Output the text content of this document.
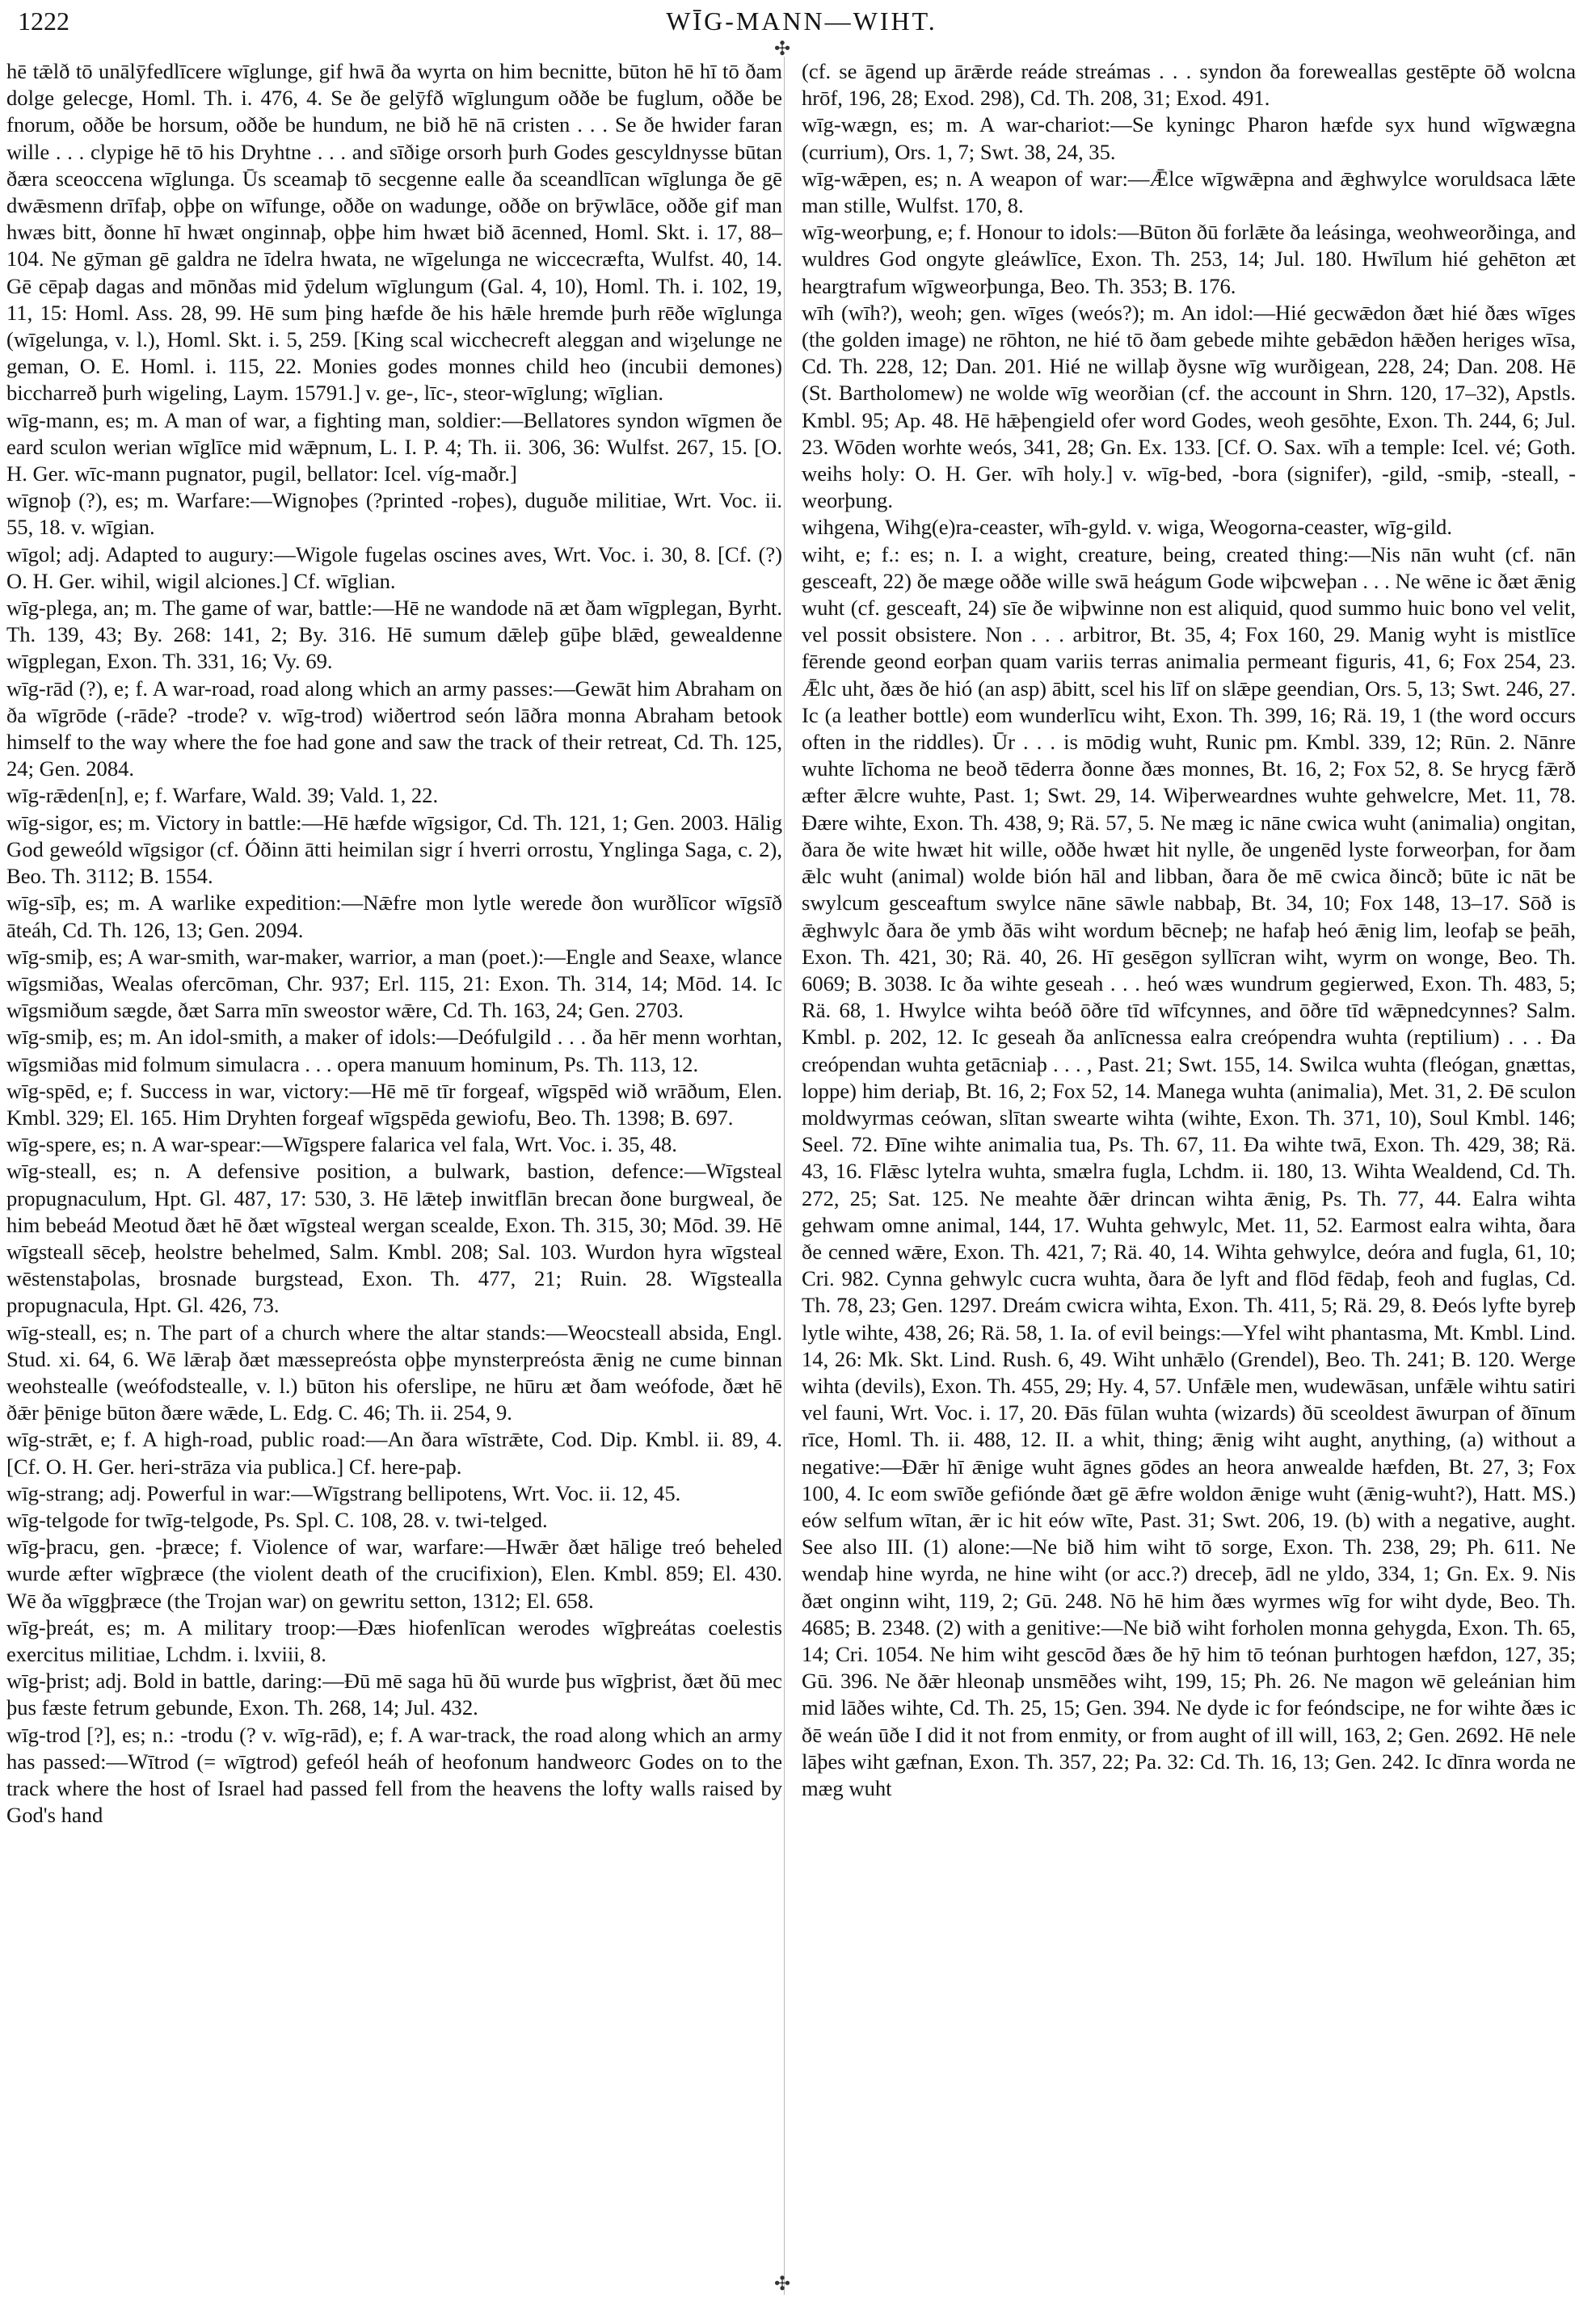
1222	WĪG-MANN—WIHT.
✣
✣

hē tǣlð tō unālȳfedlīcere wīglunge, gif hwā ða wyrta on him becnitte, būton hē hī tō ðam dolge gelecge, Homl. Th. i. 476, 4. Se ðe gelȳfð wīglungum oððe be fuglum, oððe be fnorum, oððe be horsum, oððe be hundum, ne bið hē nā cristen . . . Se ðe hwider faran wille . . . clypige hē tō his Dryhtne . . . and sīðige orsorh þurh Godes gescyldnysse būtan ðæra sceoccena wīglunga. Ūs sceamaþ tō secgenne ealle ða sceandlīcan wīglunga ðe gē dwǣsmenn drīfaþ, oþþe on wīfunge, oððe on wadunge, oððe on brȳwlāce, oððe gif man hwæs bitt, ðonne hī hwæt onginnaþ, oþþe him hwæt bið ācenned, Homl. Skt. i. 17, 88–104. Ne gȳman gē galdra ne īdelra hwata, ne wīgelunga ne wiccecræfta, Wulfst. 40, 14. Gē cēpaþ dagas and mōnðas mid ȳdelum wīglungum (Gal. 4, 10), Homl. Th. i. 102, 19, 11, 15: Homl. Ass. 28, 99. Hē sum þing hæfde ðe his hǣle hremde þurh rēðe wīglunga (wīgelunga, v. l.), Homl. Skt. i. 5, 259. [King scal wicchecreft aleggan and wiȝelunge ne geman, O. E. Homl. i. 115, 22. Monies godes monnes child heo (incubii demones) biccharreð þurh wigeling, Laym. 15791.] v. ge-, līc-, steor-wīglung; wīglian.

wīg-mann, es; m. A man of war, a fighting man, soldier:—Bellatores syndon wīgmen ðe eard sculon werian wīglīce mid wǣpnum, L. I. P. 4; Th. ii. 306, 36: Wulfst. 267, 15. [O. H. Ger. wīc-mann pugnator, pugil, bellator: Icel. víg-maðr.]

wīgnoþ (?), es; m. Warfare:—Wignoþes (?printed -roþes), duguðe militiae, Wrt. Voc. ii. 55, 18. v. wīgian.

wīgol; adj. Adapted to augury:—Wigole fugelas oscines aves, Wrt. Voc. i. 30, 8. [Cf. (?) O. H. Ger. wihil, wigil alciones.] Cf. wīglian.

wīg-plega, an; m. The game of war, battle:—Hē ne wandode nā æt ðam wīgplegan, Byrht. Th. 139, 43; By. 268: 141, 2; By. 316. Hē sumum dǣleþ gūþe blǣd, gewealdenne wīgplegan, Exon. Th. 331, 16; Vy. 69.

wīg-rād (?), e; f. A war-road, road along which an army passes:—Gewāt him Abraham on ða wīgrōde (-rāde? -trode? v. wīg-trod) wiðertrod seón lāðra monna Abraham betook himself to the way where the foe had gone and saw the track of their retreat, Cd. Th. 125, 24; Gen. 2084.

wīg-rǣden[n], e; f. Warfare, Wald. 39; Vald. 1, 22.

wīg-sigor, es; m. Victory in battle:—Hē hæfde wīgsigor, Cd. Th. 121, 1; Gen. 2003. Hālig God geweóld wīgsigor (cf. Óðinn ātti heimilan sigr í hverri orrostu, Ynglinga Saga, c. 2), Beo. Th. 3112; B. 1554.

wīg-sīþ, es; m. A warlike expedition:—Nǣfre mon lytle werede ðon wurðlīcor wīgsīð āteáh, Cd. Th. 126, 13; Gen. 2094.

wīg-smiþ, es; A war-smith, war-maker, warrior, a man (poet.):—Engle and Seaxe, wlance wīgsmiðas, Wealas ofercōman, Chr. 937; Erl. 115, 21: Exon. Th. 314, 14; Mōd. 14. Ic wīgsmiðum sægde, ðæt Sarra mīn sweostor wǣre, Cd. Th. 163, 24; Gen. 2703.

wīg-smiþ, es; m. An idol-smith, a maker of idols:—Deófulgild . . . ða hēr menn worhtan, wīgsmiðas mid folmum simulacra . . . opera manuum hominum, Ps. Th. 113, 12.

wīg-spēd, e; f. Success in war, victory:—Hē mē tīr forgeaf, wīgspēd wið wrāðum, Elen. Kmbl. 329; El. 165. Him Dryhten forgeaf wīgspēda gewiofu, Beo. Th. 1398; B. 697.

wīg-spere, es; n. A war-spear:—Wīgspere falarica vel fala, Wrt. Voc. i. 35, 48.

wīg-steall, es; n. A defensive position, a bulwark, bastion, defence:—Wīgsteal propugnaculum, Hpt. Gl. 487, 17: 530, 3. Hē lǣteþ inwitflān brecan ðone burgweal, ðe him bebeád Meotud ðæt hē ðæt wīgsteal wergan scealde, Exon. Th. 315, 30; Mōd. 39. Hē wīgsteall sēceþ, heolstre behelmed, Salm. Kmbl. 208; Sal. 103. Wurdon hyra wīgsteal wēstenstaþolas, brosnade burgstead, Exon. Th. 477, 21; Ruin. 28. Wīgstealla propugnacula, Hpt. Gl. 426, 73.

wīg-steall, es; n. The part of a church where the altar stands:—Weocsteall absida, Engl. Stud. xi. 64, 6. Wē lǣraþ ðæt mæssepreósta oþþe mynsterpreósta ǣnig ne cume binnan weohstealle (weófodstealle, v. l.) būton his oferslipe, ne hūru æt ðam weófode, ðæt hē ðǣr þēnige būton ðære wǣde, L. Edg. C. 46; Th. ii. 254, 9.

wīg-strǣt, e; f. A high-road, public road:—An ðara wīstrǣte, Cod. Dip. Kmbl. ii. 89, 4. [Cf. O. H. Ger. heri-strāza via publica.] Cf. here-paþ.

wīg-strang; adj. Powerful in war:—Wīgstrang bellipotens, Wrt. Voc. ii. 12, 45.

wīg-telgode for twīg-telgode, Ps. Spl. C. 108, 28. v. twi-telged.

wīg-þracu, gen. -þræce; f. Violence of war, warfare:—Hwǣr ðæt hālige treó beheled wurde æfter wīgþræce (the violent death of the crucifixion), Elen. Kmbl. 859; El. 430. Wē ða wīggþræce (the Trojan war) on gewritu setton, 1312; El. 658.

wīg-þreát, es; m. A military troop:—Ðæs hiofenlīcan werodes wīgþreátas coelestis exercitus militiae, Lchdm. i. lxviii, 8.

wīg-þrist; adj. Bold in battle, daring:—Ðū mē saga hū ðū wurde þus wīgþrist, ðæt ðū mec þus fæste fetrum gebunde, Exon. Th. 268, 14; Jul. 432.

wīg-trod [?], es; n.: -trodu (? v. wīg-rād), e; f. A war-track, the road along which an army has passed:—Wītrod (= wīgtrod) gefeól heáh of heofonum handweorc Godes on to the track where the host of Israel had passed fell from the heavens the lofty walls raised by God's hand

(cf. se āgend up ārǣrde reáde streámas . . . syndon ða foreweallas gestēpte ōð wolcna hrōf, 196, 28; Exod. 298), Cd. Th. 208, 31; Exod. 491.

wīg-wægn, es; m. A war-chariot:—Se kyningc Pharon hæfde syx hund wīgwægna (currium), Ors. 1, 7; Swt. 38, 24, 35.

wīg-wǣpen, es; n. A weapon of war:—Ǣlce wīgwǣpna and ǣghwylce woruldsaca lǣte man stille, Wulfst. 170, 8.

wīg-weorþung, e; f. Honour to idols:—Būton ðū forlǣte ða leásinga, weohweorðinga, and wuldres God ongyte gleáwlīce, Exon. Th. 253, 14; Jul. 180. Hwīlum hié gehēton æt heargtrafum wīgweorþunga, Beo. Th. 353; B. 176.

wīh (wīh?), weoh; gen. wīges (weós?); m. An idol:—Hié gecwǣdon ðæt hié ðæs wīges (the golden image) ne rōhton, ne hié tō ðam gebede mihte gebǣdon hǣðen heriges wīsa, Cd. Th. 228, 12; Dan. 201. Hié ne willaþ ðysne wīg wurðigean, 228, 24; Dan. 208. Hē (St. Bartholomew) ne wolde wīg weorðian (cf. the account in Shrn. 120, 17–32), Apstls. Kmbl. 95; Ap. 48. Hē hǣþengield ofer word Godes, weoh gesōhte, Exon. Th. 244, 6; Jul. 23. Wōden worhte weós, 341, 28; Gn. Ex. 133. [Cf. O. Sax. wīh a temple: Icel. vé; Goth. weihs holy: O. H. Ger. wīh holy.] v. wīg-bed, -bora (signifer), -gild, -smiþ, -steall, -weorþung.

wihgena, Wihg(e)ra-ceaster, wīh-gyld. v. wiga, Weogorna-ceaster, wīg-gild.

wiht, e; f.: es; n. I. a wight, creature, being, created thing:—Nis nān wuht (cf. nān gesceaft, 22) ðe mæge oððe wille swā heágum Gode wiþcweþan . . . Ne wēne ic ðæt ǣnig wuht (cf. gesceaft, 24) sīe ðe wiþwinne non est aliquid, quod summo huic bono vel velit, vel possit obsistere. Non . . . arbitror, Bt. 35, 4; Fox 160, 29. Manig wyht is mistlīce fērende geond eorþan quam variis terras animalia permeant figuris, 41, 6; Fox 254, 23. Ǣlc uht, ðæs ðe hió (an asp) ābitt, scel his līf on slǣpe geendian, Ors. 5, 13; Swt. 246, 27. Ic (a leather bottle) eom wunderlīcu wiht, Exon. Th. 399, 16; Rä. 19, 1 (the word occurs often in the riddles). Ūr . . . is mōdig wuht, Runic pm. Kmbl. 339, 12; Rūn. 2. Nānre wuhte līchoma ne beoð tēderra ðonne ðæs monnes, Bt. 16, 2; Fox 52, 8. Se hrycg fǣrð æfter ǣlcre wuhte, Past. 1; Swt. 29, 14. Wiþerweardnes wuhte gehwelcre, Met. 11, 78. Ðære wihte, Exon. Th. 438, 9; Rä. 57, 5. Ne mæg ic nāne cwica wuht (animalia) ongitan, ðara ðe wite hwæt hit wille, oððe hwæt hit nylle, ðe ungenēd lyste forweorþan, for ðam ǣlc wuht (animal) wolde bión hāl and libban, ðara ðe mē cwica ðincð; būte ic nāt be swylcum gesceaftum swylce nāne sāwle nabbaþ, Bt. 34, 10; Fox 148, 13–17. Sōð is ǣghwylc ðara ðe ymb ðās wiht wordum bēcneþ; ne hafaþ heó ǣnig lim, leofaþ se þeāh, Exon. Th. 421, 30; Rä. 40, 26. Hī gesēgon syllīcran wiht, wyrm on wonge, Beo. Th. 6069; B. 3038. Ic ða wihte geseah . . . heó wæs wundrum gegierwed, Exon. Th. 483, 5; Rä. 68, 1. Hwylce wihta beóð ōðre tīd wīfcynnes, and ōðre tīd wǣpnedcynnes? Salm. Kmbl. p. 202, 12. Ic geseah ða anlīcnessa ealra creópendra wuhta (reptilium) . . . Ða creópendan wuhta getācniaþ . . . , Past. 21; Swt. 155, 14. Swilca wuhta (fleógan, gnættas, loppe) him deriaþ, Bt. 16, 2; Fox 52, 14. Manega wuhta (animalia), Met. 31, 2. Ðē sculon moldwyrmas ceówan, slītan swearte wihta (wihte, Exon. Th. 371, 10), Soul Kmbl. 146; Seel. 72. Ðīne wihte animalia tua, Ps. Th. 67, 11. Ða wihte twā, Exon. Th. 429, 38; Rä. 43, 16. Flǣsc lytelra wuhta, smælra fugla, Lchdm. ii. 180, 13. Wihta Wealdend, Cd. Th. 272, 25; Sat. 125. Ne meahte ðǣr drincan wihta ǣnig, Ps. Th. 77, 44. Ealra wihta gehwam omne animal, 144, 17. Wuhta gehwylc, Met. 11, 52. Earmost ealra wihta, ðara ðe cenned wǣre, Exon. Th. 421, 7; Rä. 40, 14. Wihta gehwylce, deóra and fugla, 61, 10; Cri. 982. Cynna gehwylc cucra wuhta, ðara ðe lyft and flōd fēdaþ, feoh and fuglas, Cd. Th. 78, 23; Gen. 1297. Dreám cwicra wihta, Exon. Th. 411, 5; Rä. 29, 8. Ðeós lyfte byreþ lytle wihte, 438, 26; Rä. 58, 1. Ia. of evil beings:—Yfel wiht phantasma, Mt. Kmbl. Lind. 14, 26: Mk. Skt. Lind. Rush. 6, 49. Wiht unhǣlo (Grendel), Beo. Th. 241; B. 120. Werge wihta (devils), Exon. Th. 455, 29; Hy. 4, 57. Unfǣle men, wudewāsan, unfǣle wihtu satiri vel fauni, Wrt. Voc. i. 17, 20. Ðās fūlan wuhta (wizards) ðū sceoldest āwurpan of ðīnum rīce, Homl. Th. ii. 488, 12. II. a whit, thing; ǣnig wiht aught, anything, (a) without a negative:—Ðǣr hī ǣnige wuht āgnes gōdes an heora anwealde hæfden, Bt. 27, 3; Fox 100, 4. Ic eom swīðe gefiónde ðæt gē ǣfre woldon ǣnige wuht (ǣnig-wuht?), Hatt. MS.) eów selfum wītan, ǣr ic hit eów wīte, Past. 31; Swt. 206, 19. (b) with a negative, aught. See also III. (1) alone:—Ne bið him wiht tō sorge, Exon. Th. 238, 29; Ph. 611. Ne wendaþ hine wyrda, ne hine wiht (or acc.?) dreceþ, ādl ne yldo, 334, 1; Gn. Ex. 9. Nis ðæt onginn wiht, 119, 2; Gū. 248. Nō hē him ðæs wyrmes wīg for wiht dyde, Beo. Th. 4685; B. 2348. (2) with a genitive:—Ne bið wiht forholen monna gehygda, Exon. Th. 65, 14; Cri. 1054. Ne him wiht gescōd ðæs ðe hȳ him tō teónan þurhtogen hæfdon, 127, 35; Gū. 396. Ne ðǣr hleonaþ unsmēðes wiht, 199, 15; Ph. 26. Ne magon wē geleánian him mid lāðes wihte, Cd. Th. 25, 15; Gen. 394. Ne dyde ic for feóndscipe, ne for wihte ðæs ic ðē weán ūðe I did it not from enmity, or from aught of ill will, 163, 2; Gen. 2692. Hē nele lāþes wiht gæfnan, Exon. Th. 357, 22; Pa. 32: Cd. Th. 16, 13; Gen. 242. Ic dīnra worda ne mæg wuht
